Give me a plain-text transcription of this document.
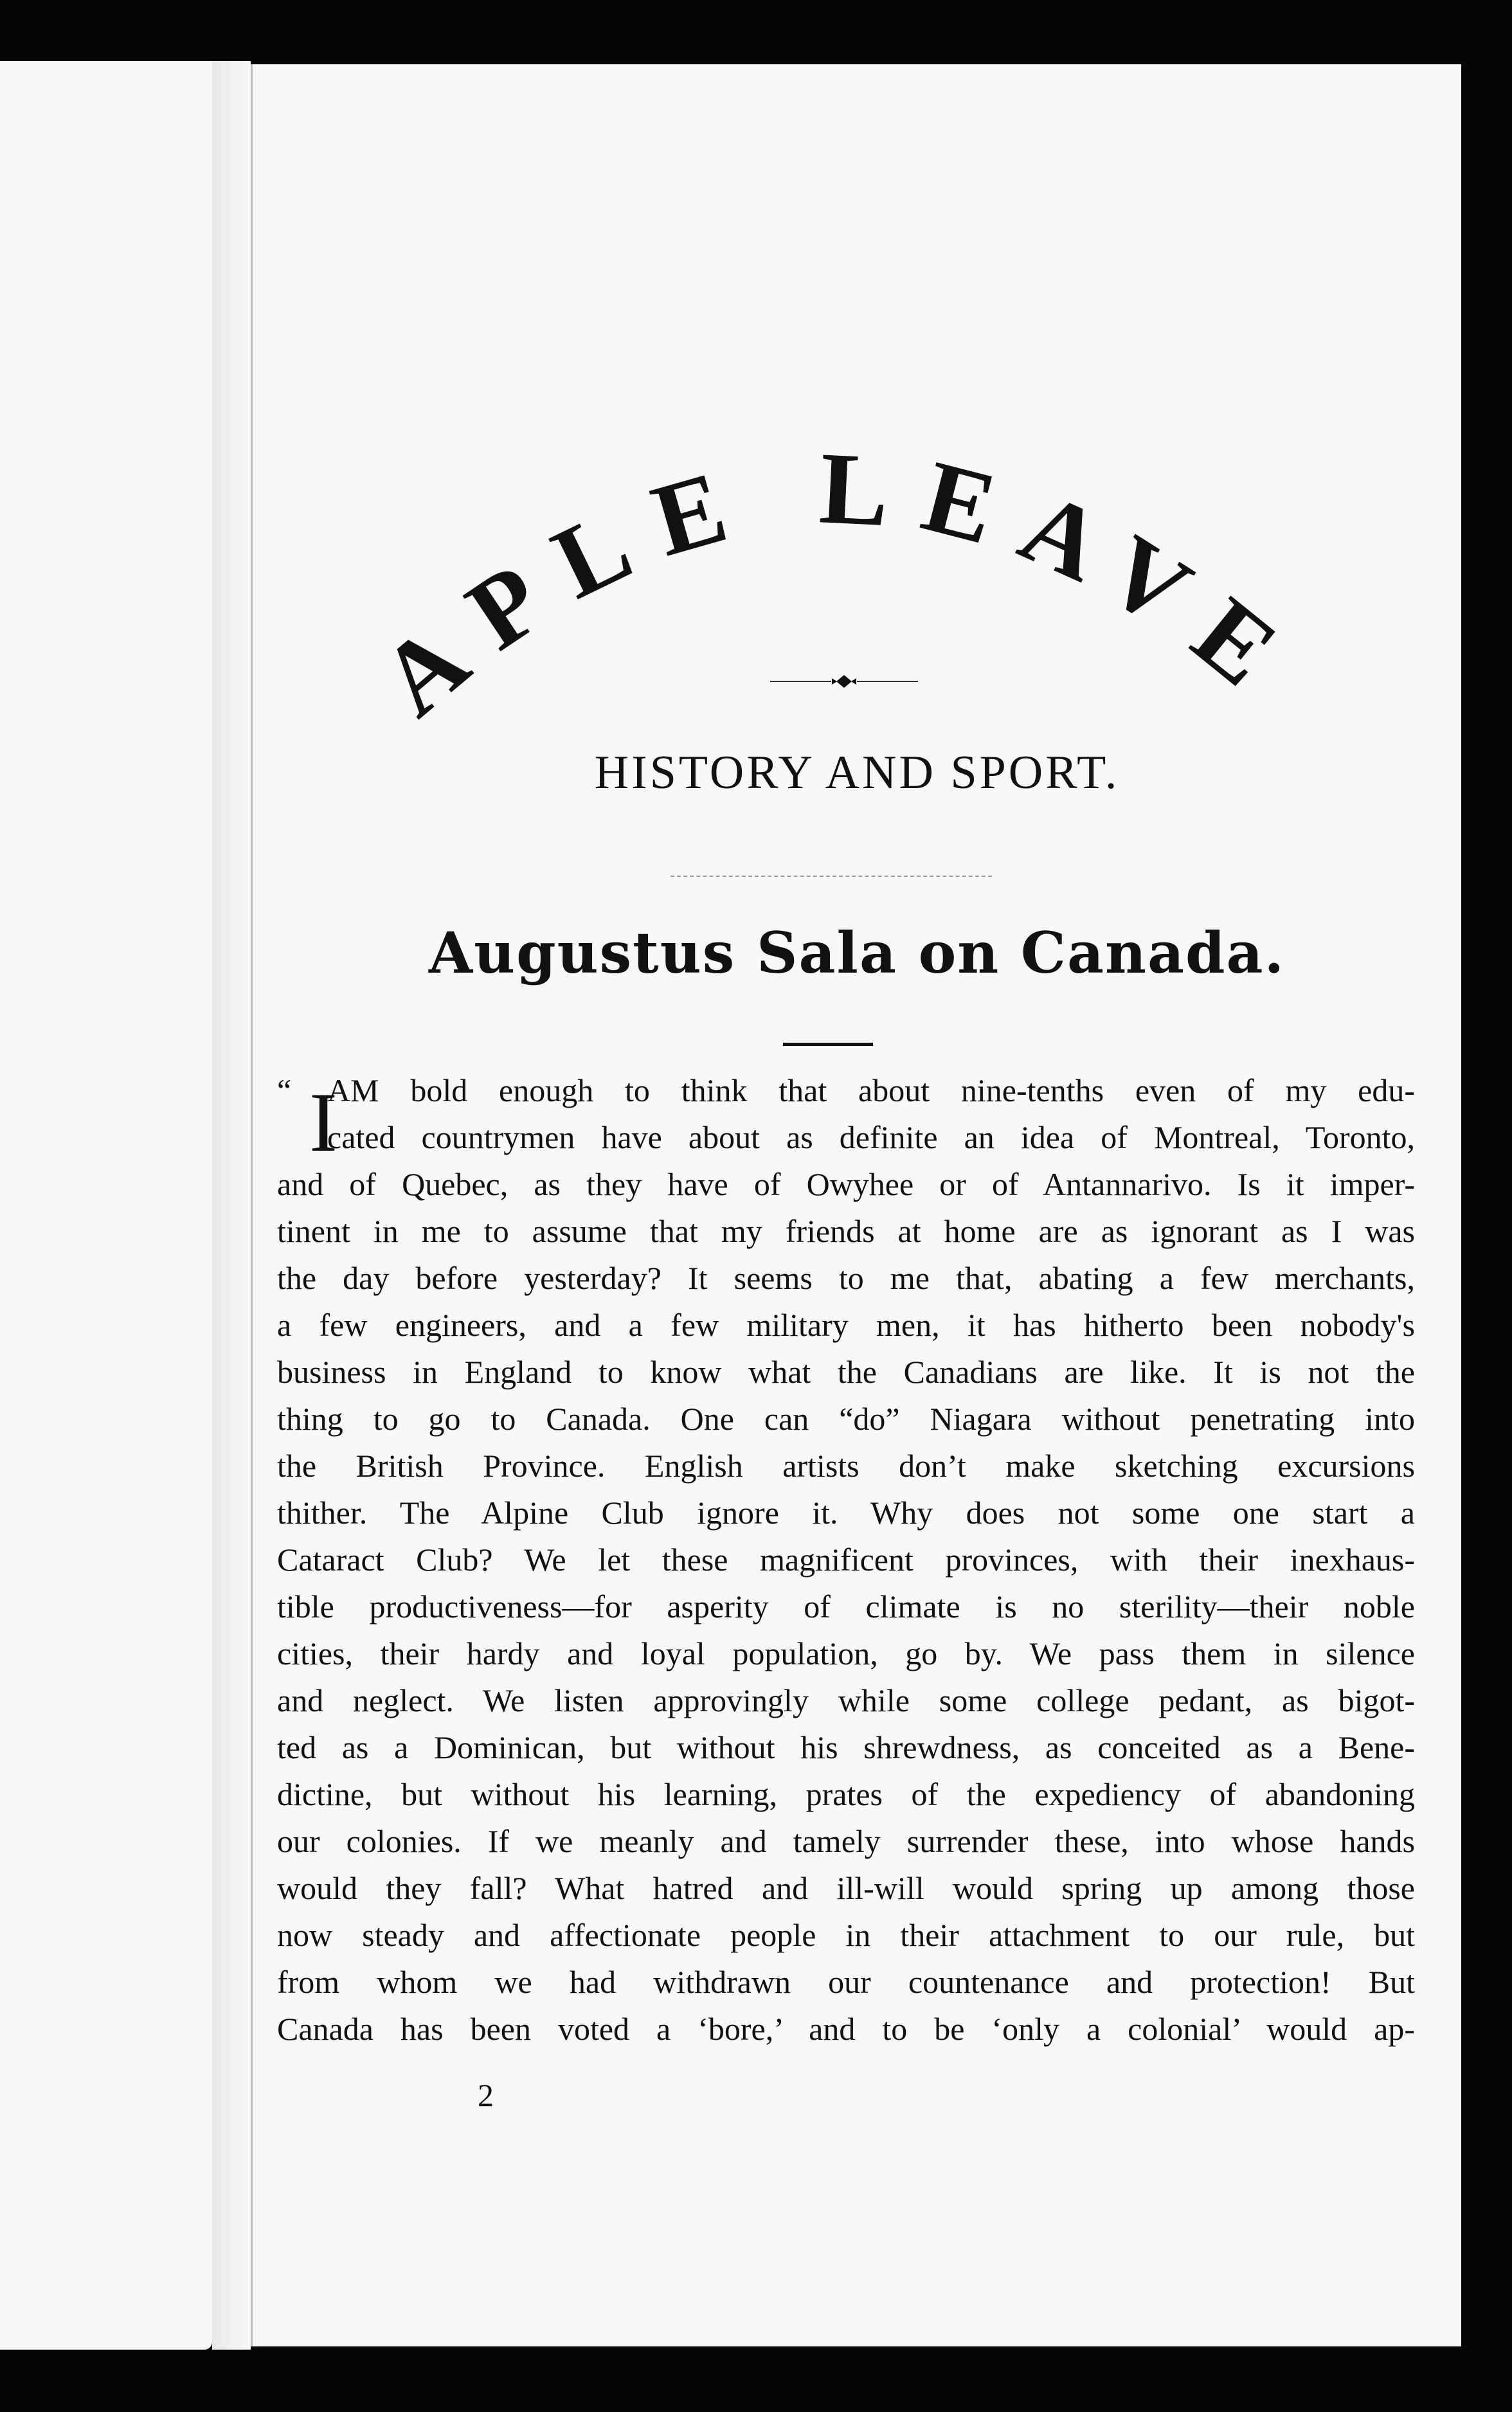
MAPLE LEAVES.
HISTORY AND SPORT.
Augustus Sala on Canada.
“ I
AM bold enough to think that about nine-tenths even of my edu-
cated countrymen have about as definite an idea of Montreal, Toronto,
and of Quebec, as they have of Owyhee or of Antannarivo. Is it imper-
tinent in me to assume that my friends at home are as ignorant as I was
the day before yesterday? It seems to me that, abating a few merchants,
a few engineers, and a few military men, it has hitherto been nobody's
business in England to know what the Canadians are like. It is not the
thing to go to Canada. One can “do” Niagara without penetrating into
the British Province. English artists don’t make sketching excursions
thither. The Alpine Club ignore it. Why does not some one start a
Cataract Club? We let these magnificent provinces, with their inexhaus-
tible productiveness—for asperity of climate is no sterility—their noble
cities, their hardy and loyal population, go by. We pass them in silence
and neglect. We listen approvingly while some college pedant, as bigot-
ted as a Dominican, but without his shrewdness, as conceited as a Bene-
dictine, but without his learning, prates of the expediency of abandoning
our colonies. If we meanly and tamely surrender these, into whose hands
would they fall? What hatred and ill-will would spring up among those
now steady and affectionate people in their attachment to our rule, but
from whom we had withdrawn our countenance and protection! But
Canada has been voted a ‘bore,’ and to be ‘only a colonial’ would ap-
2
